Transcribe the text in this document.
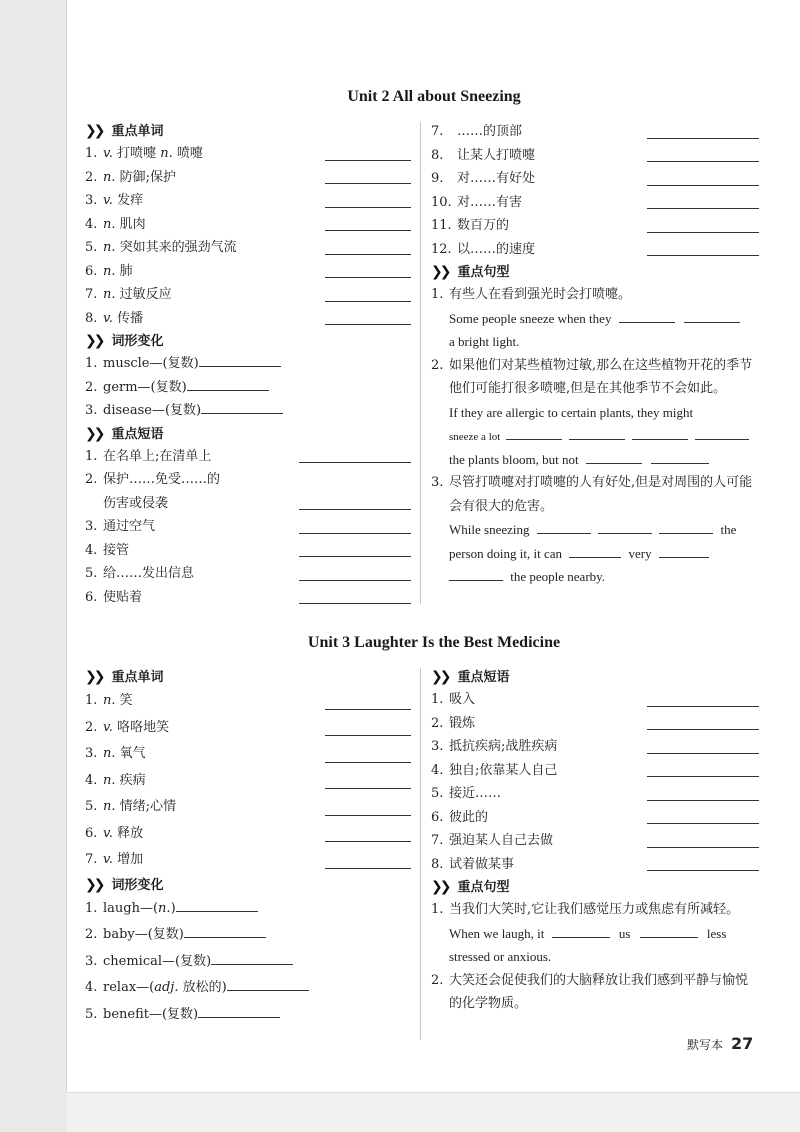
Unit 2 All about Sneezing
❯❯ 重点单词
1. v. 打喷嚏 n. 喷嚏
2. n. 防御;保护
3. v. 发痒
4. n. 肌肉
5. n. 突如其来的强劲气流
6. n. 肺
7. n. 过敏反应
8. v. 传播
❯❯ 词形变化
1. muscle—(复数)
2. germ—(复数)
3. disease—(复数)
❯❯ 重点短语
1. 在名单上;在清单上
2. 保护……免受……的
伤害或侵袭
3. 通过空气
4. 接管
5. 给……发出信息
6. 使贴着
7. ……的顶部
8. 让某人打喷嚏
9. 对……有好处
10. 对……有害
11. 数百万的
12. 以……的速度
❯❯ 重点句型
1. 有些人在看到强光时会打喷嚏。
Some people sneeze when they
a bright light.
2. 如果他们对某些植物过敏,那么在这些植物开花的季节他们可能打很多喷嚏,但是在其他季节不会如此。
If they are allergic to certain plants, they might
sneeze a lot
the plants bloom, but not
3. 尽管打喷嚏对打喷嚏的人有好处,但是对周围的人可能会有很大的危害。
While sneezing	the
person doing it, it can	very
the people nearby.
Unit 3 Laughter Is the Best Medicine
❯❯ 重点单词
1. n. 笑
2. v. 咯咯地笑
3. n. 氧气
4. n. 疾病
5. n. 情绪;心情
6. v. 释放
7. v. 增加
❯❯ 词形变化
1. laugh—(n.)
2. baby—(复数)
3. chemical—(复数)
4. relax—(adj. 放松的)
5. benefit—(复数)
❯❯ 重点短语
1. 吸入
2. 锻炼
3. 抵抗疾病;战胜疾病
4. 独自;依靠某人自己
5. 接近……
6. 彼此的
7. 强迫某人自己去做
8. 试着做某事
❯❯ 重点句型
1. 当我们大笑时,它让我们感觉压力或焦虑有所减轻。
When we laugh, it	us	less
stressed or anxious.
2. 大笑还会促使我们的大脑释放让我们感到平静与愉悦的化学物质。
默写本 27
